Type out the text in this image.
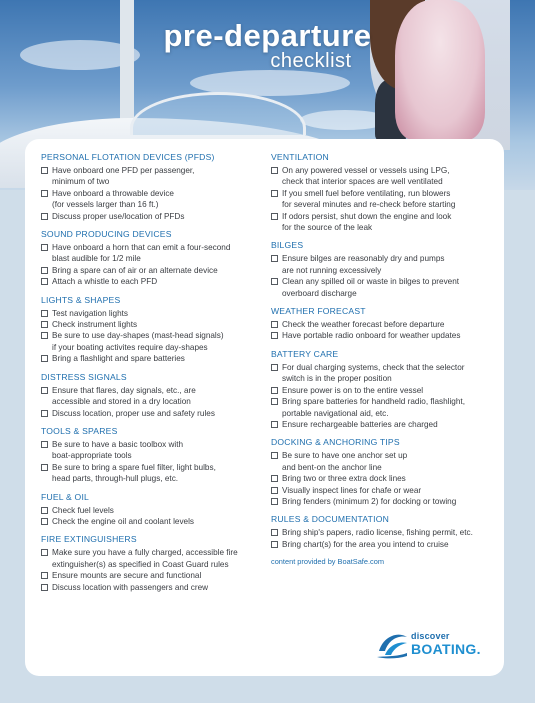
pre-departure
checklist
PERSONAL FLOTATION DEVICES (PFDS)
Have onboard one PFD per passenger,
minimum of two
Have onboard a throwable device
(for vessels larger than 16 ft.)
Discuss proper use/location of PFDs
SOUND PRODUCING DEVICES
Have onboard a horn that can emit a four-second
blast audible for 1/2 mile
Bring a spare can of air or an alternate device
Attach a whistle to each PFD
LIGHTS & SHAPES
Test navigation lights
Check instrument lights
Be sure to use day-shapes (mast-head signals)
if your boating activites require day-shapes
Bring a flashlight and spare batteries
DISTRESS SIGNALS
Ensure that flares, day signals, etc., are
accessible and stored in a dry location
Discuss location, proper use and safety rules
TOOLS & SPARES
Be sure to have a basic toolbox with
boat-appropriate tools
Be sure to bring a spare fuel filter, light bulbs,
head parts, through-hull plugs, etc.
FUEL & OIL
Check fuel levels
Check the engine oil and coolant levels
FIRE EXTINGUISHERS
Make sure you have a fully charged, accessible fire
extinguisher(s) as specified in Coast Guard rules
Ensure mounts are secure and functional
Discuss location with passengers and crew
VENTILATION
On any powered vessel or vessels using LPG,
check that interior spaces are well ventilated
If you smell fuel before ventilating, run blowers
for several minutes and re-check before starting
If odors persist, shut down the engine and look
for the source of the leak
BILGES
Ensure bilges are reasonably dry and pumps
are not running excessively
Clean any spilled oil or waste in bilges to prevent
overboard discharge
WEATHER FORECAST
Check the weather forecast before departure
Have portable radio onboard for weather updates
BATTERY CARE
For dual charging systems, check that the selector
switch is in the proper position
Ensure power is on to the entire vessel
Bring spare batteries for handheld radio, flashlight,
portable navigational aid, etc.
Ensure rechargeable batteries are charged
DOCKING & ANCHORING TIPS
Be sure to have one anchor set up
and bent-on the anchor line
Bring two or three extra dock lines
Visually inspect lines for chafe or wear
Bring fenders (minimum 2) for docking or towing
RULES & DOCUMENTATION
Bring ship's papers, radio license, fishing permit, etc.
Bring chart(s) for the area you intend to cruise
content provided by BoatSafe.com
discover
BOATING.
